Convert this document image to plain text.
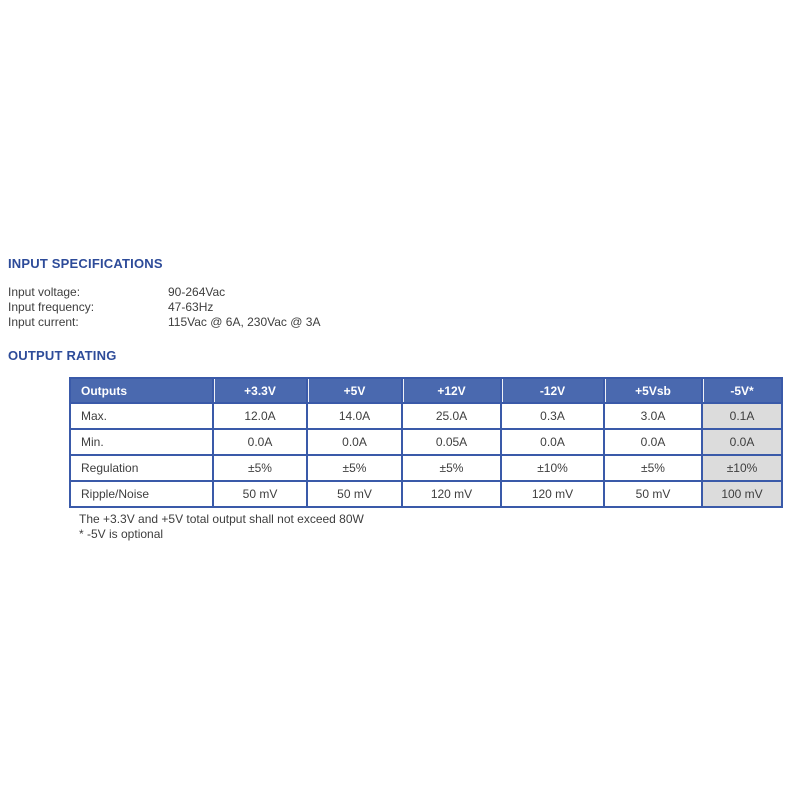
INPUT SPECIFICATIONS
Input voltage:	90-264Vac
Input frequency:	47-63Hz
Input current:	115Vac @ 6A, 230Vac @ 3A
OUTPUT RATING
Outputs	+3.3V	+5V	+12V	-12V	+5Vsb	-5V*
Max.	12.0A	14.0A	25.0A	0.3A	3.0A	0.1A
Min.	0.0A	0.0A	0.05A	0.0A	0.0A	0.0A
Regulation	±5%	±5%	±5%	±10%	±5%	±10%
Ripple/Noise	50 mV	50 mV	120 mV	120 mV	50 mV	100 mV
The +3.3V and +5V total output shall not exceed 80W
* -5V is optional
